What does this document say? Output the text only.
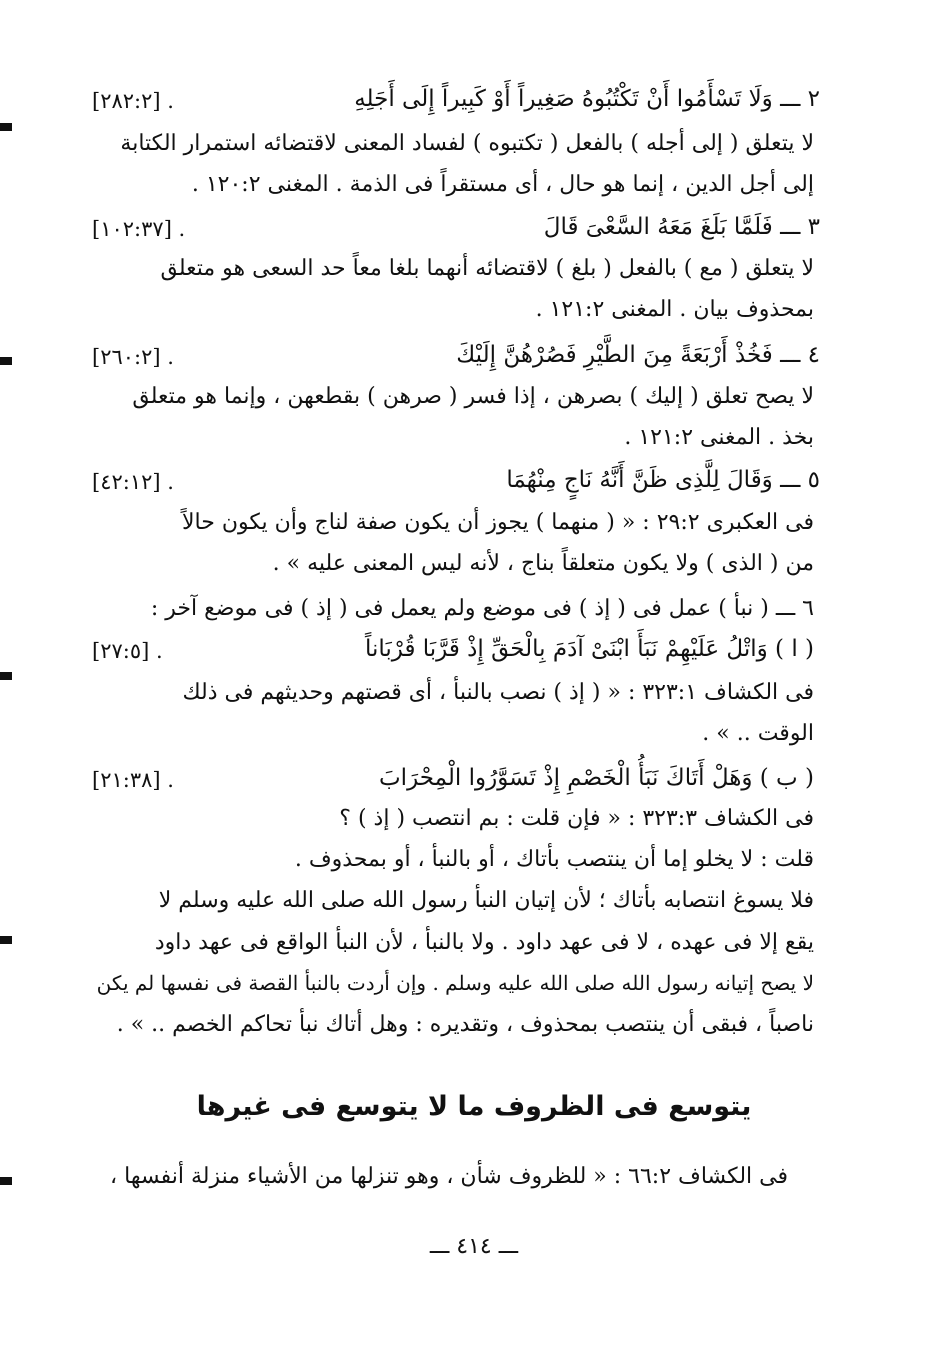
٢ ـــ وَلَا تَسْأَمُوا أَنْ تَكْتُبُوهُ صَغِيراً أَوْ كَبِيراً إِلَى أَجَلِهِ
[٢٨٢:٢] .
لا يتعلق ( إلى أجله ) بالفعل ( تكتبوه ) لفساد المعنى لاقتضائه استمرار الكتابة
إلى أجل الدين ، إنما هو حال ، أى مستقراً فى الذمة . المغنى ١٢٠:٢ .
٣ ـــ فَلَمَّا بَلَغَ مَعَهُ السَّعْىَ قَالَ
[١٠٢:٣٧] .
لا يتعلق ( مع ) بالفعل ( بلغ ) لاقتضائه أنهما بلغا معاً حد السعى هو متعلق
بمحذوف بيان . المغنى ١٢١:٢ .
٤ ـــ فَخُذْ أَرْبَعَةً مِنَ الطَّيْرِ فَصُرْهُنَّ إِلَيْكَ
[٢٦٠:٢] .
لا يصح تعلق ( إليك ) بصرهن ، إذا فسر ( صرهن ) بقطعهن ، وإنما هو متعلق
بخذ . المغنى ١٢١:٢ .
٥ ـــ وَقَالَ لِلَّذِى ظَنَّ أَنَّهُ نَاجٍ مِنْهُمَا
[٤٢:١٢] .
فى العكبرى ٢٩:٢ : « ( منهما ) يجوز أن يكون صفة لناج وأن يكون حالاً
من ( الذى ) ولا يكون متعلقاً بناج ، لأنه ليس المعنى عليه » .
٦ ـــ ( نبأ ) عمل فى ( إذ ) فى موضع ولم يعمل فى ( إذ ) فى موضع آخر :
( ا ) وَاتْلُ عَلَيْهِمْ نَبَأَ ابْنَىْ آدَمَ بِالْحَقِّ إِذْ قَرَّبَا قُرْبَاناً
[٢٧:٥] .
فى الكشاف ٣٢٣:١ : « ( إذ ) نصب بالنبأ ، أى قصتهم وحديثهم فى ذلك
الوقت .. » .
( ب ) وَهَلْ أَتَاكَ نَبَأُ الْخَصْمِ إِذْ تَسَوَّرُوا الْمِحْرَابَ
[٢١:٣٨] .
فى الكشاف ٣٢٣:٣ : « فإن قلت : بم انتصب ( إذ ) ؟
قلت : لا يخلو إما أن ينتصب بأتاك ، أو بالنبأ ، أو بمحذوف .
فلا يسوغ انتصابه بأتاك ؛ لأن إتيان النبأ رسول الله صلى الله عليه وسلم لا
يقع إلا فى عهده ، لا فى عهد داود . ولا بالنبأ ، لأن النبأ الواقع فى عهد داود
لا يصح إتيانه رسول الله صلى الله عليه وسلم . وإن أردت بالنبأ القصة فى نفسها لم يكن
ناصباً ، فبقى أن ينتصب بمحذوف ، وتقديره : وهل أتاك نبأ تحاكم الخصم .. » .
يتوسع فى الظروف ما لا يتوسع فى غيرها
فى الكشاف ٦٦:٢ : « للظروف شأن ، وهو تنزلها من الأشياء منزلة أنفسها ،
ـــ ٤١٤ ـــ
